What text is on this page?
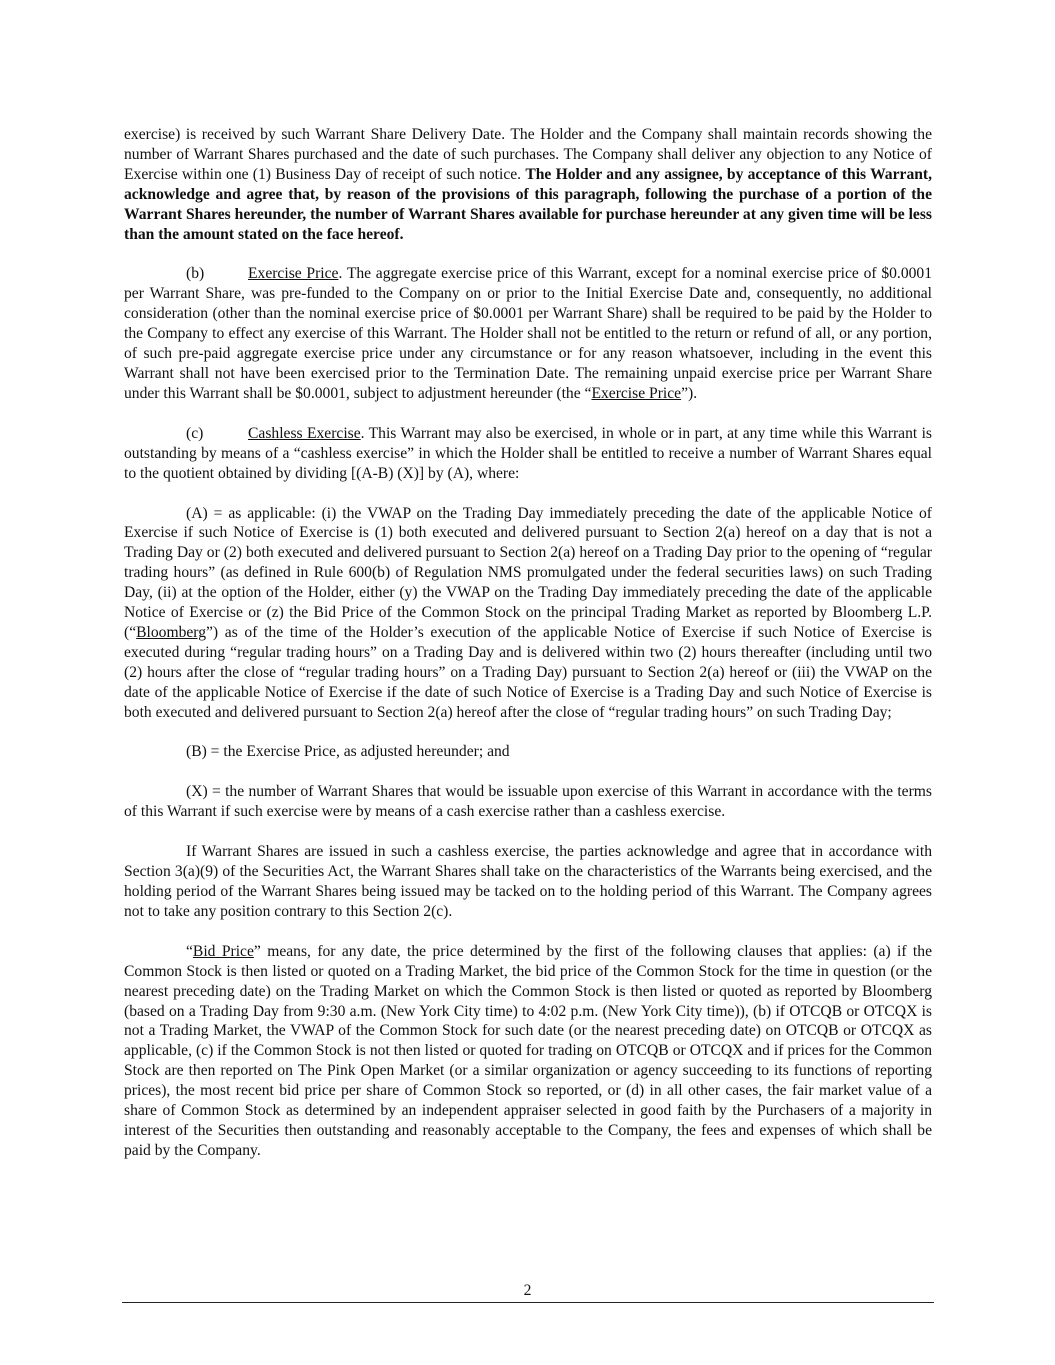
exercise) is received by such Warrant Share Delivery Date. The Holder and the Company shall maintain records showing the number of Warrant Shares purchased and the date of such purchases. The Company shall deliver any objection to any Notice of Exercise within one (1) Business Day of receipt of such notice. The Holder and any assignee, by acceptance of this Warrant, acknowledge and agree that, by reason of the provisions of this paragraph, following the purchase of a portion of the Warrant Shares hereunder, the number of Warrant Shares available for purchase hereunder at any given time will be less than the amount stated on the face hereof.

(b)	Exercise Price. The aggregate exercise price of this Warrant, except for a nominal exercise price of $0.0001 per Warrant Share, was pre-funded to the Company on or prior to the Initial Exercise Date and, consequently, no additional consideration (other than the nominal exercise price of $0.0001 per Warrant Share) shall be required to be paid by the Holder to the Company to effect any exercise of this Warrant. The Holder shall not be entitled to the return or refund of all, or any portion, of such pre-paid aggregate exercise price under any circumstance or for any reason whatsoever, including in the event this Warrant shall not have been exercised prior to the Termination Date. The remaining unpaid exercise price per Warrant Share under this Warrant shall be $0.0001, subject to adjustment hereunder (the “Exercise Price”).

(c)	Cashless Exercise. This Warrant may also be exercised, in whole or in part, at any time while this Warrant is outstanding by means of a “cashless exercise” in which the Holder shall be entitled to receive a number of Warrant Shares equal to the quotient obtained by dividing [(A-B) (X)] by (A), where:

(A) = as applicable: (i) the VWAP on the Trading Day immediately preceding the date of the applicable Notice of Exercise if such Notice of Exercise is (1) both executed and delivered pursuant to Section 2(a) hereof on a day that is not a Trading Day or (2) both executed and delivered pursuant to Section 2(a) hereof on a Trading Day prior to the opening of “regular trading hours” (as defined in Rule 600(b) of Regulation NMS promulgated under the federal securities laws) on such Trading Day, (ii) at the option of the Holder, either (y) the VWAP on the Trading Day immediately preceding the date of the applicable Notice of Exercise or (z) the Bid Price of the Common Stock on the principal Trading Market as reported by Bloomberg L.P. (“Bloomberg”) as of the time of the Holder’s execution of the applicable Notice of Exercise if such Notice of Exercise is executed during “regular trading hours” on a Trading Day and is delivered within two (2) hours thereafter (including until two (2) hours after the close of “regular trading hours” on a Trading Day) pursuant to Section 2(a) hereof or (iii) the VWAP on the date of the applicable Notice of Exercise if the date of such Notice of Exercise is a Trading Day and such Notice of Exercise is both executed and delivered pursuant to Section 2(a) hereof after the close of “regular trading hours” on such Trading Day;

(B) = the Exercise Price, as adjusted hereunder; and

(X) = the number of Warrant Shares that would be issuable upon exercise of this Warrant in accordance with the terms of this Warrant if such exercise were by means of a cash exercise rather than a cashless exercise.

If Warrant Shares are issued in such a cashless exercise, the parties acknowledge and agree that in accordance with Section 3(a)(9) of the Securities Act, the Warrant Shares shall take on the characteristics of the Warrants being exercised, and the holding period of the Warrant Shares being issued may be tacked on to the holding period of this Warrant. The Company agrees not to take any position contrary to this Section 2(c).

“Bid Price” means, for any date, the price determined by the first of the following clauses that applies: (a) if the Common Stock is then listed or quoted on a Trading Market, the bid price of the Common Stock for the time in question (or the nearest preceding date) on the Trading Market on which the Common Stock is then listed or quoted as reported by Bloomberg (based on a Trading Day from 9:30 a.m. (New York City time) to 4:02 p.m. (New York City time)), (b) if OTCQB or OTCQX is not a Trading Market, the VWAP of the Common Stock for such date (or the nearest preceding date) on OTCQB or OTCQX as applicable, (c) if the Common Stock is not then listed or quoted for trading on OTCQB or OTCQX and if prices for the Common Stock are then reported on The Pink Open Market (or a similar organization or agency succeeding to its functions of reporting prices), the most recent bid price per share of Common Stock so reported, or (d) in all other cases, the fair market value of a share of Common Stock as determined by an independent appraiser selected in good faith by the Purchasers of a majority in interest of the Securities then outstanding and reasonably acceptable to the Company, the fees and expenses of which shall be paid by the Company.

2
